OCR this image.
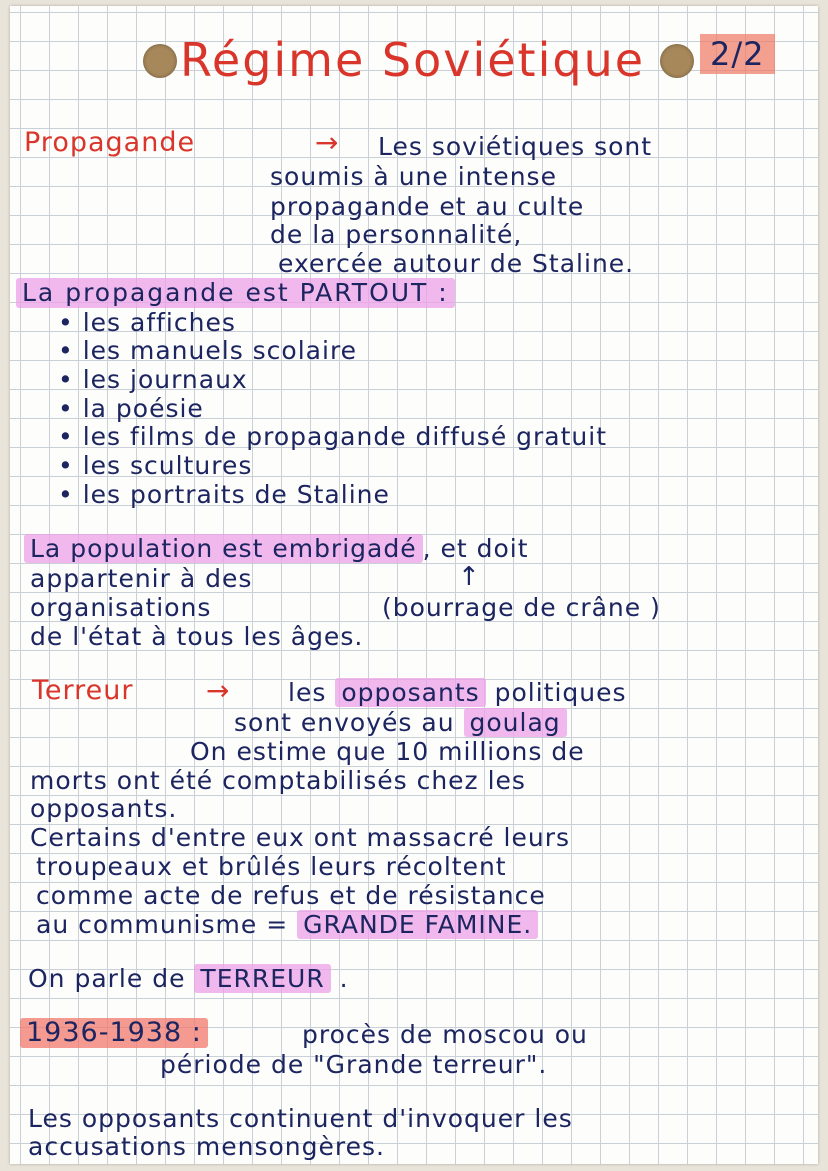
Régime Soviétique	2/2
Propagande	→ Les soviétiques sont
soumis à une intense
propagande et au culte
de la personnalité,
exercée autour de Staline.
La propagande est PARTOUT :
• les affiches
• les manuels scolaire
• les journaux
• la poésie
• les films de propagande diffusé gratuit
• les scultures
• les portraits de Staline
La population est embrigadé , et doit
appartenir à des	↑
organisations	(bourrage de crâne )
de l'état à tous les âges.
Terreur	→ les opposants politiques
sont envoyés au goulag
On estime que 10 millions de
morts ont été comptabilisés chez les
opposants.
Certains d'entre eux ont massacré leurs
troupeaux et brûlés leurs récoltent
comme acte de refus et de résistance
au communisme = GRANDE FAMINE.
On parle de TERREUR .
1936-1938 :	procès de moscou ou
période de "Grande terreur".
Les opposants continuent d'invoquer les
accusations mensongères.
